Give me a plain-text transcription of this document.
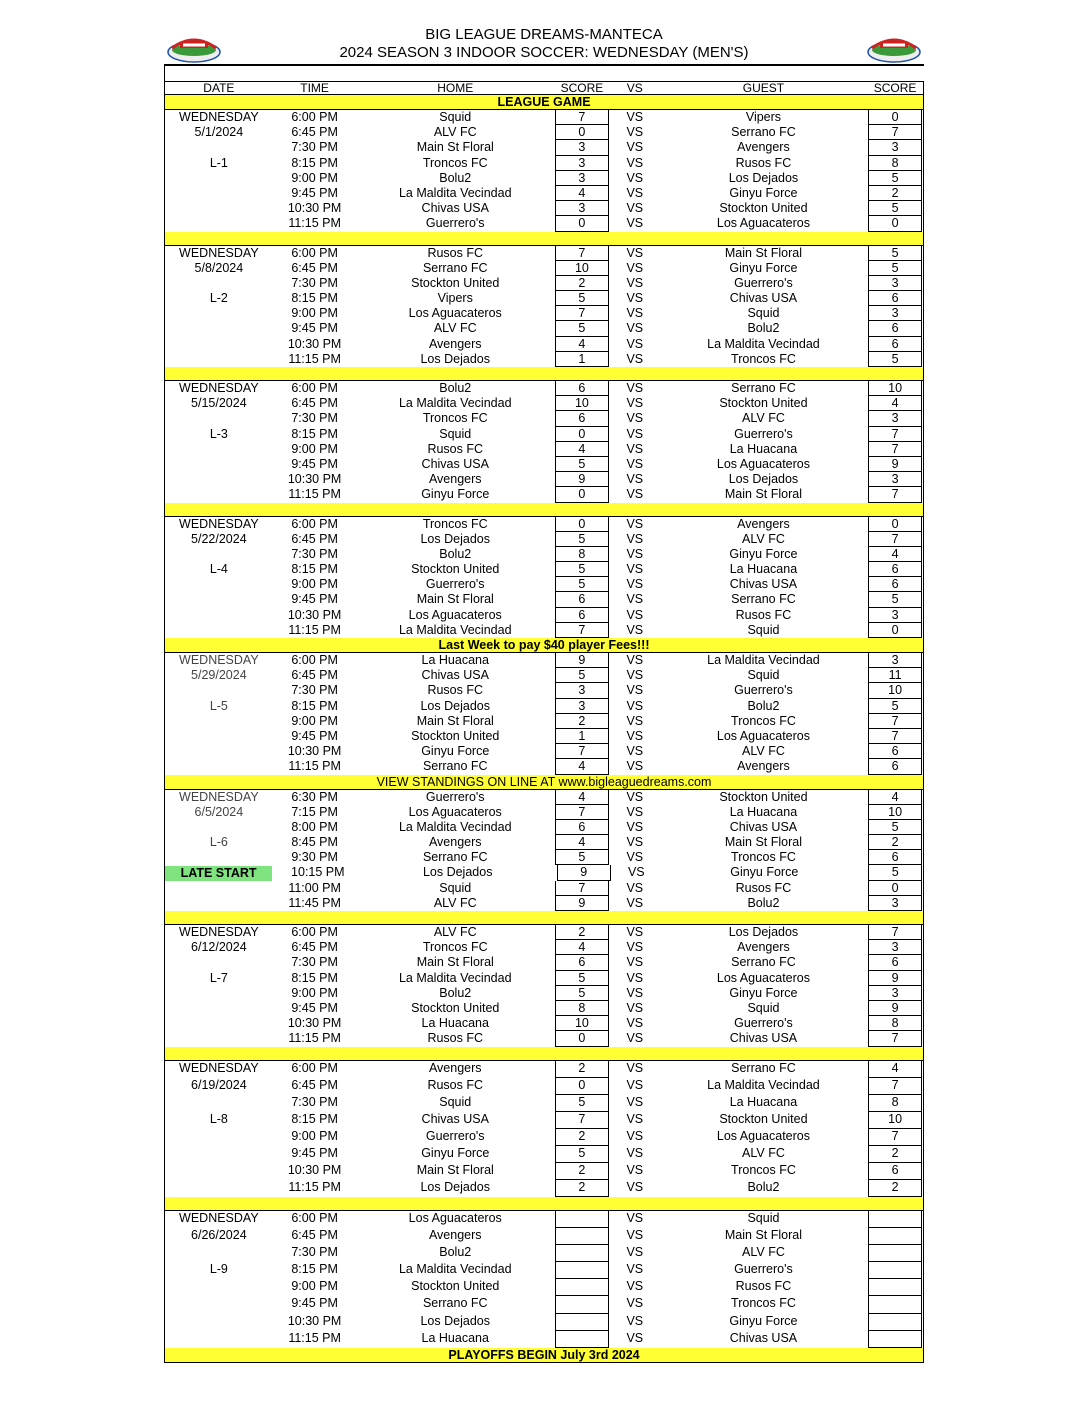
BIG LEAGUE DREAMS-MANTECA
2024 SEASON 3 INDOOR SOCCER: WEDNESDAY (MEN'S)
DATE	TIME	HOME	SCORE	VS	GUEST	SCORE
LEAGUE GAME
WEDNESDAY	6:00 PM	Squid	7	VS	Vipers	0
5/1/2024	6:45 PM	ALV FC	0	VS	Serrano FC	7
7:30 PM	Main St Floral	3	VS	Avengers	3
L-1	8:15 PM	Troncos FC	3	VS	Rusos FC	8
9:00 PM	Bolu2	3	VS	Los Dejados	5
9:45 PM	La Maldita Vecindad	4	VS	Ginyu Force	2
10:30 PM	Chivas USA	3	VS	Stockton United	5
11:15 PM	Guerrero's	0	VS	Los Aguacateros	0
WEDNESDAY	6:00 PM	Rusos FC	7	VS	Main St Floral	5
5/8/2024	6:45 PM	Serrano FC	10	VS	Ginyu Force	5
7:30 PM	Stockton United	2	VS	Guerrero's	3
L-2	8:15 PM	Vipers	5	VS	Chivas USA	6
9:00 PM	Los Aguacateros	7	VS	Squid	3
9:45 PM	ALV FC	5	VS	Bolu2	6
10:30 PM	Avengers	4	VS	La Maldita Vecindad	6
11:15 PM	Los Dejados	1	VS	Troncos FC	5
WEDNESDAY	6:00 PM	Bolu2	6	VS	Serrano FC	10
5/15/2024	6:45 PM	La Maldita Vecindad	10	VS	Stockton United	4
7:30 PM	Troncos FC	6	VS	ALV FC	3
L-3	8:15 PM	Squid	0	VS	Guerrero's	7
9:00 PM	Rusos FC	4	VS	La Huacana	7
9:45 PM	Chivas USA	5	VS	Los Aguacateros	9
10:30 PM	Avengers	9	VS	Los Dejados	3
11:15 PM	Ginyu Force	0	VS	Main St Floral	7
WEDNESDAY	6:00 PM	Troncos FC	0	VS	Avengers	0
5/22/2024	6:45 PM	Los Dejados	5	VS	ALV FC	7
7:30 PM	Bolu2	8	VS	Ginyu Force	4
L-4	8:15 PM	Stockton United	5	VS	La Huacana	6
9:00 PM	Guerrero's	5	VS	Chivas USA	6
9:45 PM	Main St Floral	6	VS	Serrano FC	5
10:30 PM	Los Aguacateros	6	VS	Rusos FC	3
11:15 PM	La Maldita Vecindad	7	VS	Squid	0
Last Week to pay $40 player Fees!!!
WEDNESDAY	6:00 PM	La Huacana	9	VS	La Maldita Vecindad	3
5/29/2024	6:45 PM	Chivas USA	5	VS	Squid	11
7:30 PM	Rusos FC	3	VS	Guerrero's	10
L-5	8:15 PM	Los Dejados	3	VS	Bolu2	5
9:00 PM	Main St Floral	2	VS	Troncos FC	7
9:45 PM	Stockton United	1	VS	Los Aguacateros	7
10:30 PM	Ginyu Force	7	VS	ALV FC	6
11:15 PM	Serrano FC	4	VS	Avengers	6
VIEW STANDINGS ON LINE AT www.bigleaguedreams.com
WEDNESDAY	6:30 PM	Guerrero's	4	VS	Stockton United	4
6/5/2024	7:15 PM	Los Aguacateros	7	VS	La Huacana	10
8:00 PM	La Maldita Vecindad	6	VS	Chivas USA	5
L-6	8:45 PM	Avengers	4	VS	Main St Floral	2
9:30 PM	Serrano FC	5	VS	Troncos FC	6
LATE START	10:15 PM	Los Dejados	9	VS	Ginyu Force	5
11:00 PM	Squid	7	VS	Rusos FC	0
11:45 PM	ALV FC	9	VS	Bolu2	3
WEDNESDAY	6:00 PM	ALV FC	2	VS	Los Dejados	7
6/12/2024	6:45 PM	Troncos FC	4	VS	Avengers	3
7:30 PM	Main St Floral	6	VS	Serrano FC	6
L-7	8:15 PM	La Maldita Vecindad	5	VS	Los Aguacateros	9
9:00 PM	Bolu2	5	VS	Ginyu Force	3
9:45 PM	Stockton United	8	VS	Squid	9
10:30 PM	La Huacana	10	VS	Guerrero's	8
11:15 PM	Rusos FC	0	VS	Chivas USA	7
WEDNESDAY	6:00 PM	Avengers	2	VS	Serrano FC	4
6/19/2024	6:45 PM	Rusos FC	0	VS	La Maldita Vecindad	7
7:30 PM	Squid	5	VS	La Huacana	8
L-8	8:15 PM	Chivas USA	7	VS	Stockton United	10
9:00 PM	Guerrero's	2	VS	Los Aguacateros	7
9:45 PM	Ginyu Force	5	VS	ALV FC	2
10:30 PM	Main St Floral	2	VS	Troncos FC	6
11:15 PM	Los Dejados	2	VS	Bolu2	2
WEDNESDAY	6:00 PM	Los Aguacateros	VS	Squid
6/26/2024	6:45 PM	Avengers	VS	Main St Floral
7:30 PM	Bolu2	VS	ALV FC
L-9	8:15 PM	La Maldita Vecindad	VS	Guerrero's
9:00 PM	Stockton United	VS	Rusos FC
9:45 PM	Serrano FC	VS	Troncos FC
10:30 PM	Los Dejados	VS	Ginyu Force
11:15 PM	La Huacana	VS	Chivas USA
PLAYOFFS BEGIN July 3rd 2024
